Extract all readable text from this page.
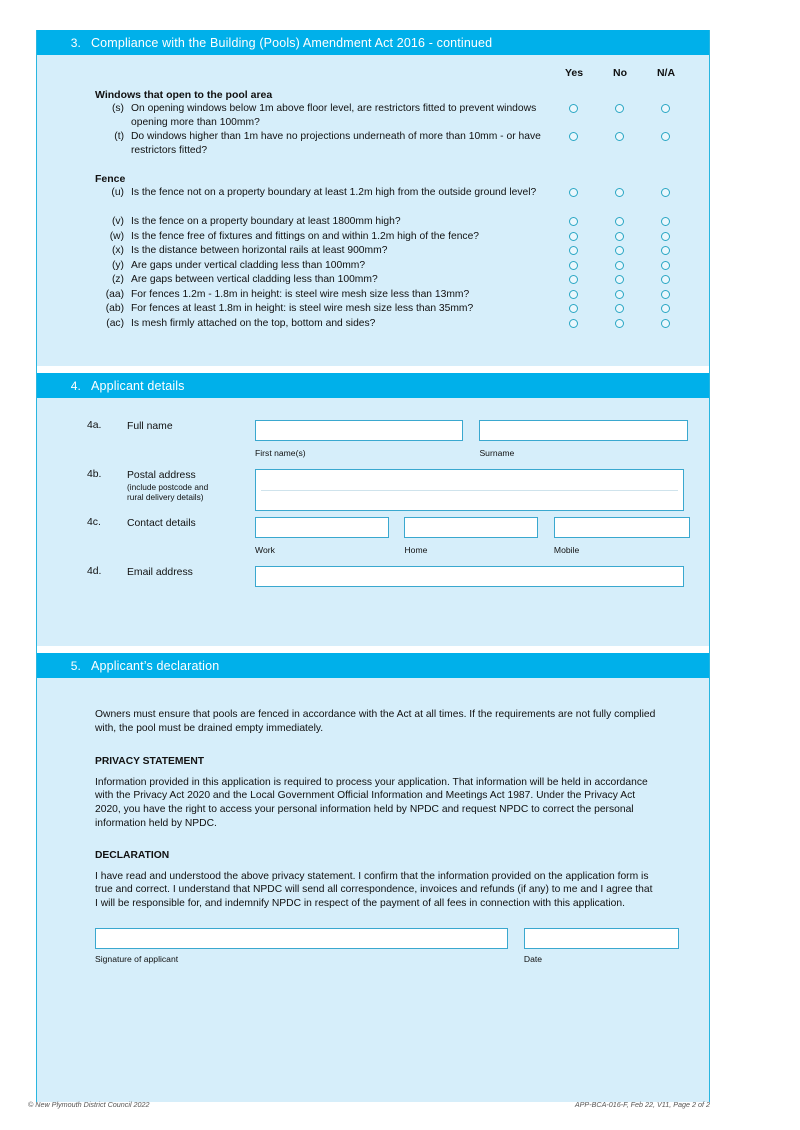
3. Compliance with the Building (Pools) Amendment Act 2016 - continued
Yes	No	N/A
Windows that open to the pool area
(s) On opening windows below 1m above floor level, are restrictors fitted to prevent windows opening more than 100mm?
(t) Do windows higher than 1m have no projections underneath of more than 10mm - or have restrictors fitted?
Fence
(u) Is the fence not on a property boundary at least 1.2m high from the outside ground level?
(v) Is the fence on a property boundary at least 1800mm high?
(w) Is the fence free of fixtures and fittings on and within 1.2m high of the fence?
(x) Is the distance between horizontal rails at least 900mm?
(y) Are gaps under vertical cladding less than 100mm?
(z) Are gaps between vertical cladding less than 100mm?
(aa) For fences 1.2m - 1.8m in height: is steel wire mesh size less than 13mm?
(ab) For fences at least 1.8m in height: is steel wire mesh size less than 35mm?
(ac) Is mesh firmly attached on the top, bottom and sides?
4. Applicant details
4a.	Full name

First name(s)	Surname
4b.	Postal address
(include postcode and
rural delivery details)
4c.	Contact details

Work	Home	Mobile
4d.	Email address
5. Applicant’s declaration
Owners must ensure that pools are fenced in accordance with the Act at all times. If the requirements are not fully complied with, the pool must be drained empty immediately.
PRIVACY STATEMENT
Information provided in this application is required to process your application. That information will be held in accordance with the Privacy Act 2020 and the Local Government Official Information and Meetings Act 1987. Under the Privacy Act 2020, you have the right to access your personal information held by NPDC and request NPDC to correct the personal information held by NPDC.
DECLARATION
I have read and understood the above privacy statement. I confirm that the information provided on the application form is true and correct. I understand that NPDC will send all correspondence, invoices and refunds (if any) to me and I agree that I will be responsible for, and indemnify NPDC in respect of the payment of all fees in connection with this application.

Signature of applicant	Date
© New Plymouth District Council 2022	APP-BCA-016-F, Feb 22, V11, Page 2 of 2
